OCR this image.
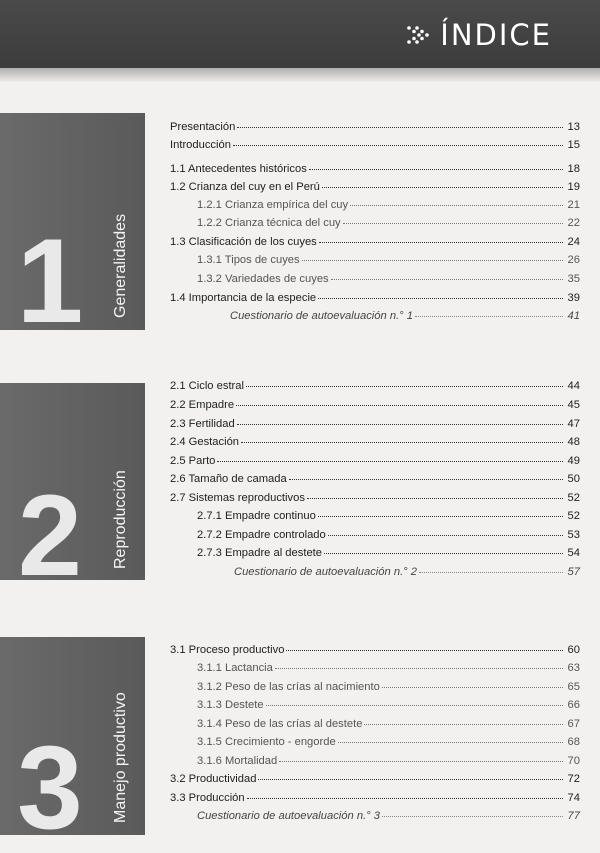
ÍNDICE
1	Generalidades
2	Reproducción
3	Manejo productivo
Presentación	13
Introducción	15
1.1 Antecedentes históricos	18
1.2 Crianza del cuy en el Perú	19
1.2.1 Crianza empírica del cuy	21
1.2.2 Crianza técnica del cuy	22
1.3 Clasificación de los cuyes	24
1.3.1 Tipos de cuyes	26
1.3.2 Variedades de cuyes	35
1.4 Importancia de la especie	39
Cuestionario de autoevaluación n.° 1	41
2.1 Ciclo estral	44
2.2 Empadre	45
2.3 Fertilidad	47
2.4 Gestación	48
2.5 Parto	49
2.6 Tamaño de camada	50
2.7 Sistemas reproductivos	52
2.7.1 Empadre continuo	52
2.7.2 Empadre controlado	53
2.7.3 Empadre al destete	54
Cuestionario de autoevaluación n.° 2	57
3.1 Proceso productivo	60
3.1.1 Lactancia	63
3.1.2 Peso de las crías al nacimiento	65
3.1.3 Destete	66
3.1.4 Peso de las crías al destete	67
3.1.5 Crecimiento - engorde	68
3.1.6 Mortalidad	70
3.2 Productividad	72
3.3 Producción	74
Cuestionario de autoevaluación n.° 3	77
